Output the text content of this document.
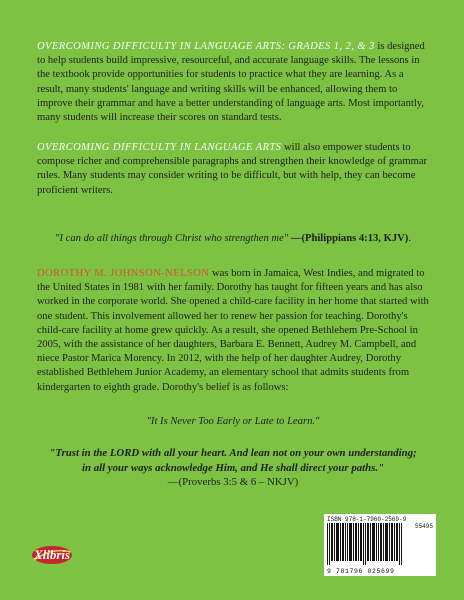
OVERCOMING DIFFICULTY IN LANGUAGE ARTS: GRADES 1, 2, & 3 is designed to help students build impressive, resourceful, and accurate language skills. The lessons in the textbook provide opportunities for students to practice what they are learning. As a result, many students' language and writing skills will be enhanced, allowing them to improve their grammar and have a better understanding of language arts. Most importantly, many students will increase their scores on standard tests.
OVERCOMING DIFFICULTY IN LANGUAGE ARTS will also empower students to compose richer and comprehensible paragraphs and strengthen their knowledge of grammar rules. Many students may consider writing to be difficult, but with help, they can become proficient writers.
"I can do all things through Christ who strengthen me" —(Philippians 4:13, KJV).
DOROTHY M. JOHNSON-NELSON was born in Jamaica, West Indies, and migrated to the United States in 1981 with her family. Dorothy has taught for fifteen years and has also worked in the corporate world. She opened a child-care facility in her home that started with one student. This involvement allowed her to renew her passion for teaching. Dorothy's child-care facility at home grew quickly. As a result, she opened Bethlehem Pre-School in 2005, with the assistance of her daughters, Barbara E. Bennett, Audrey M. Campbell, and niece Pastor Marica Morency. In 2012, with the help of her daughter Audrey, Dorothy established Bethlehem Junior Academy, an elementary school that admits students from kindergarten to eighth grade. Dorothy's belief is as follows:
"It Is Never Too Early or Late to Learn."
"Trust in the LORD with all your heart. And lean not on your own understanding; in all your ways acknowledge Him, and He shall direct your paths."
—(Proverbs 3:5 & 6 – NKJV)
ISBN 978-1-7960-2569-9
55495
9 781796 025699
Xlibris
